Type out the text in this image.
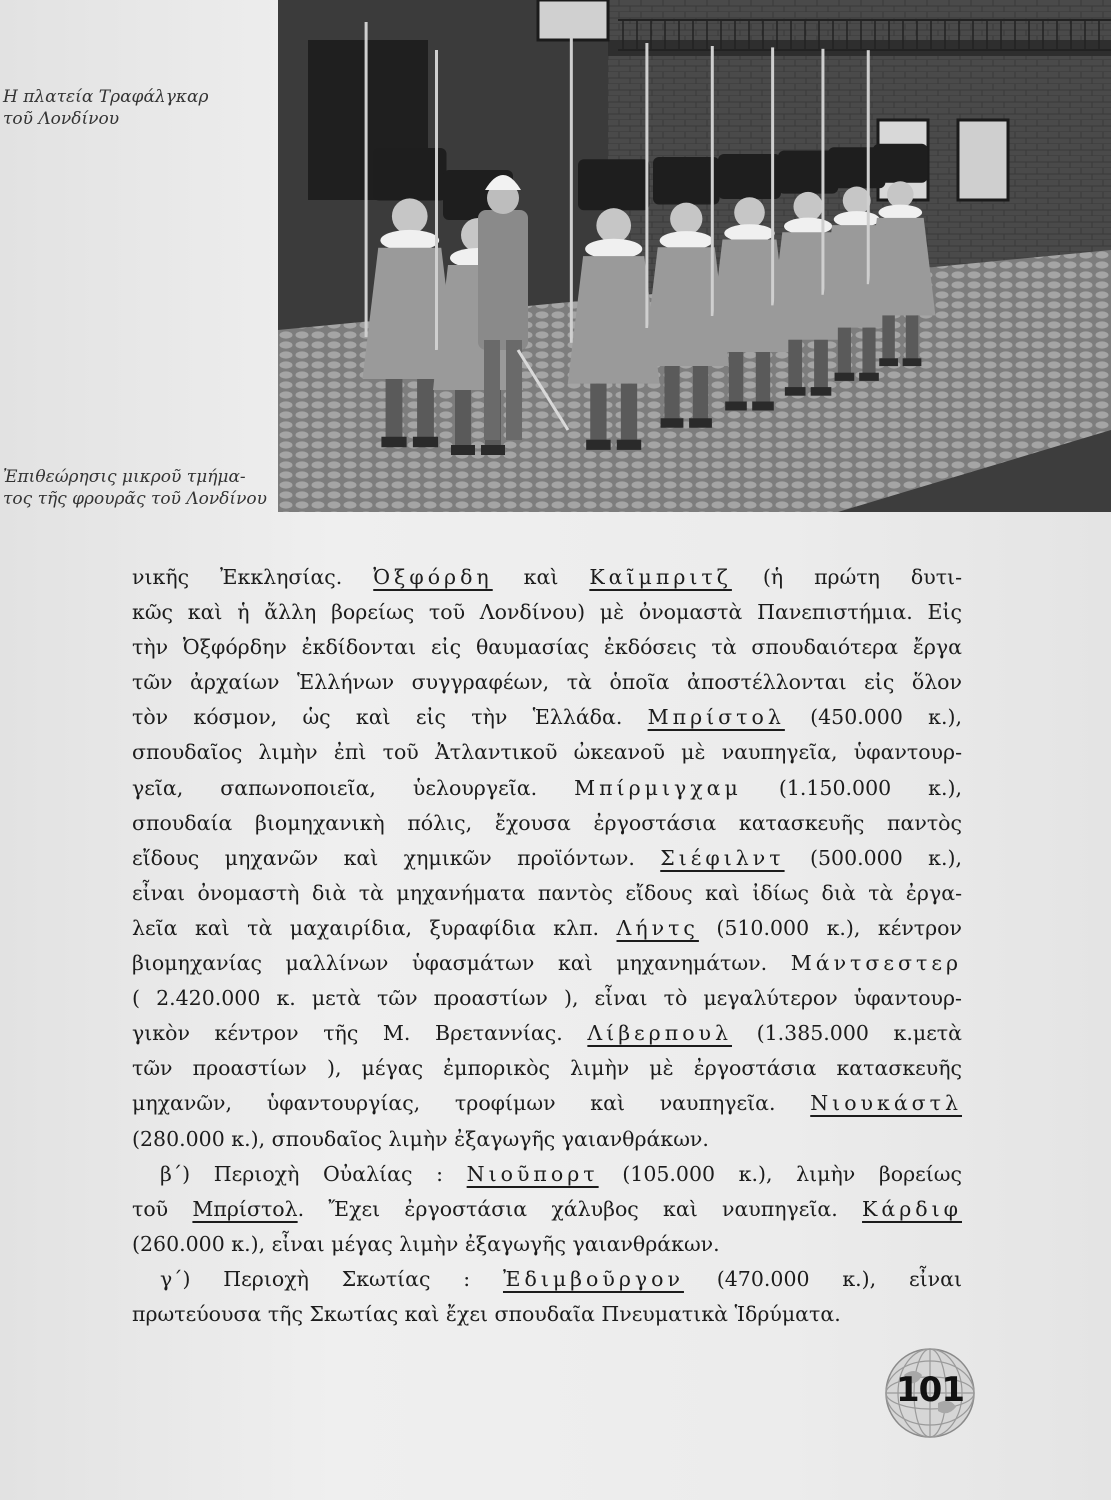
Η πλατεία Τραφάλγκαρ
τοῦ Λονδίνου
Ἐπιθεώρησις μικροῦ τμήμα-
τος τῆς φρουρᾶς τοῦ Λονδίνου
νικῆς Ἐκκλησίας. Ὀξφόρδη καὶ Καῖμπριτζ (ἡ πρώτη δυτι-
κῶς καὶ ἡ ἄλλη βορείως τοῦ Λονδίνου) μὲ ὀνομαστὰ Πανεπιστήμια. Εἰς
τὴν Ὀξφόρδην ἐκδίδονται εἰς θαυμασίας ἐκδόσεις τὰ σπουδαιότερα ἔργα
τῶν ἀρχαίων Ἑλλήνων συγγραφέων, τὰ ὁποῖα ἀποστέλλονται εἰς ὅλον
τὸν κόσμον, ὡς καὶ εἰς τὴν Ἑλλάδα. Μπρίστολ (450.000 κ.),
σπουδαῖος λιμὴν ἐπὶ τοῦ Ἀτλαντικοῦ ὠκεανοῦ μὲ ναυπηγεῖα, ὑφαντουρ-
γεῖα, σαπωνοποιεῖα, ὑελουργεῖα. Μπίρμιγχαμ (1.150.000 κ.),
σπουδαία βιομηχανικὴ πόλις, ἔχουσα ἐργοστάσια κατασκευῆς παντὸς
εἴδους μηχανῶν καὶ χημικῶν προϊόντων. Σιέφιλντ (500.000 κ.),
εἶναι ὀνομαστὴ διὰ τὰ μηχανήματα παντὸς εἴδους καὶ ἰδίως διὰ τὰ ἐργα-
λεῖα καὶ τὰ μαχαιρίδια, ξυραφίδια κλπ. Λήντς (510.000 κ.), κέντρον
βιομηχανίας μαλλίνων ὑφασμάτων καὶ μηχανημάτων. Μάντσεστερ
( 2.420.000 κ. μετὰ τῶν προαστίων ), εἶναι τὸ μεγαλύτερον ὑφαντουρ-
γικὸν κέντρον τῆς Μ. Βρεταννίας. Λίβερπουλ (1.385.000 κ.μετὰ
τῶν προαστίων ), μέγας ἐμπορικὸς λιμὴν μὲ ἐργοστάσια κατασκευῆς
μηχανῶν, ὑφαντουργίας, τροφίμων καὶ ναυπηγεῖα. Νιουκάστλ
(280.000 κ.), σπουδαῖος λιμὴν ἐξαγωγῆς γαιανθράκων.
β΄) Περιοχὴ Οὐαλίας : Νιοῦπορτ (105.000 κ.), λιμὴν βορείως
τοῦ Μπρίστολ. Ἔχει ἐργοστάσια χάλυβος καὶ ναυπηγεῖα. Κάρδιφ
(260.000 κ.), εἶναι μέγας λιμὴν ἐξαγωγῆς γαιανθράκων.
γ΄) Περιοχὴ Σκωτίας : Ἐδιμβοῦργον (470.000 κ.), εἶναι
πρωτεύουσα τῆς Σκωτίας καὶ ἔχει σπουδαῖα Πνευματικὰ Ἱδρύματα.
101
